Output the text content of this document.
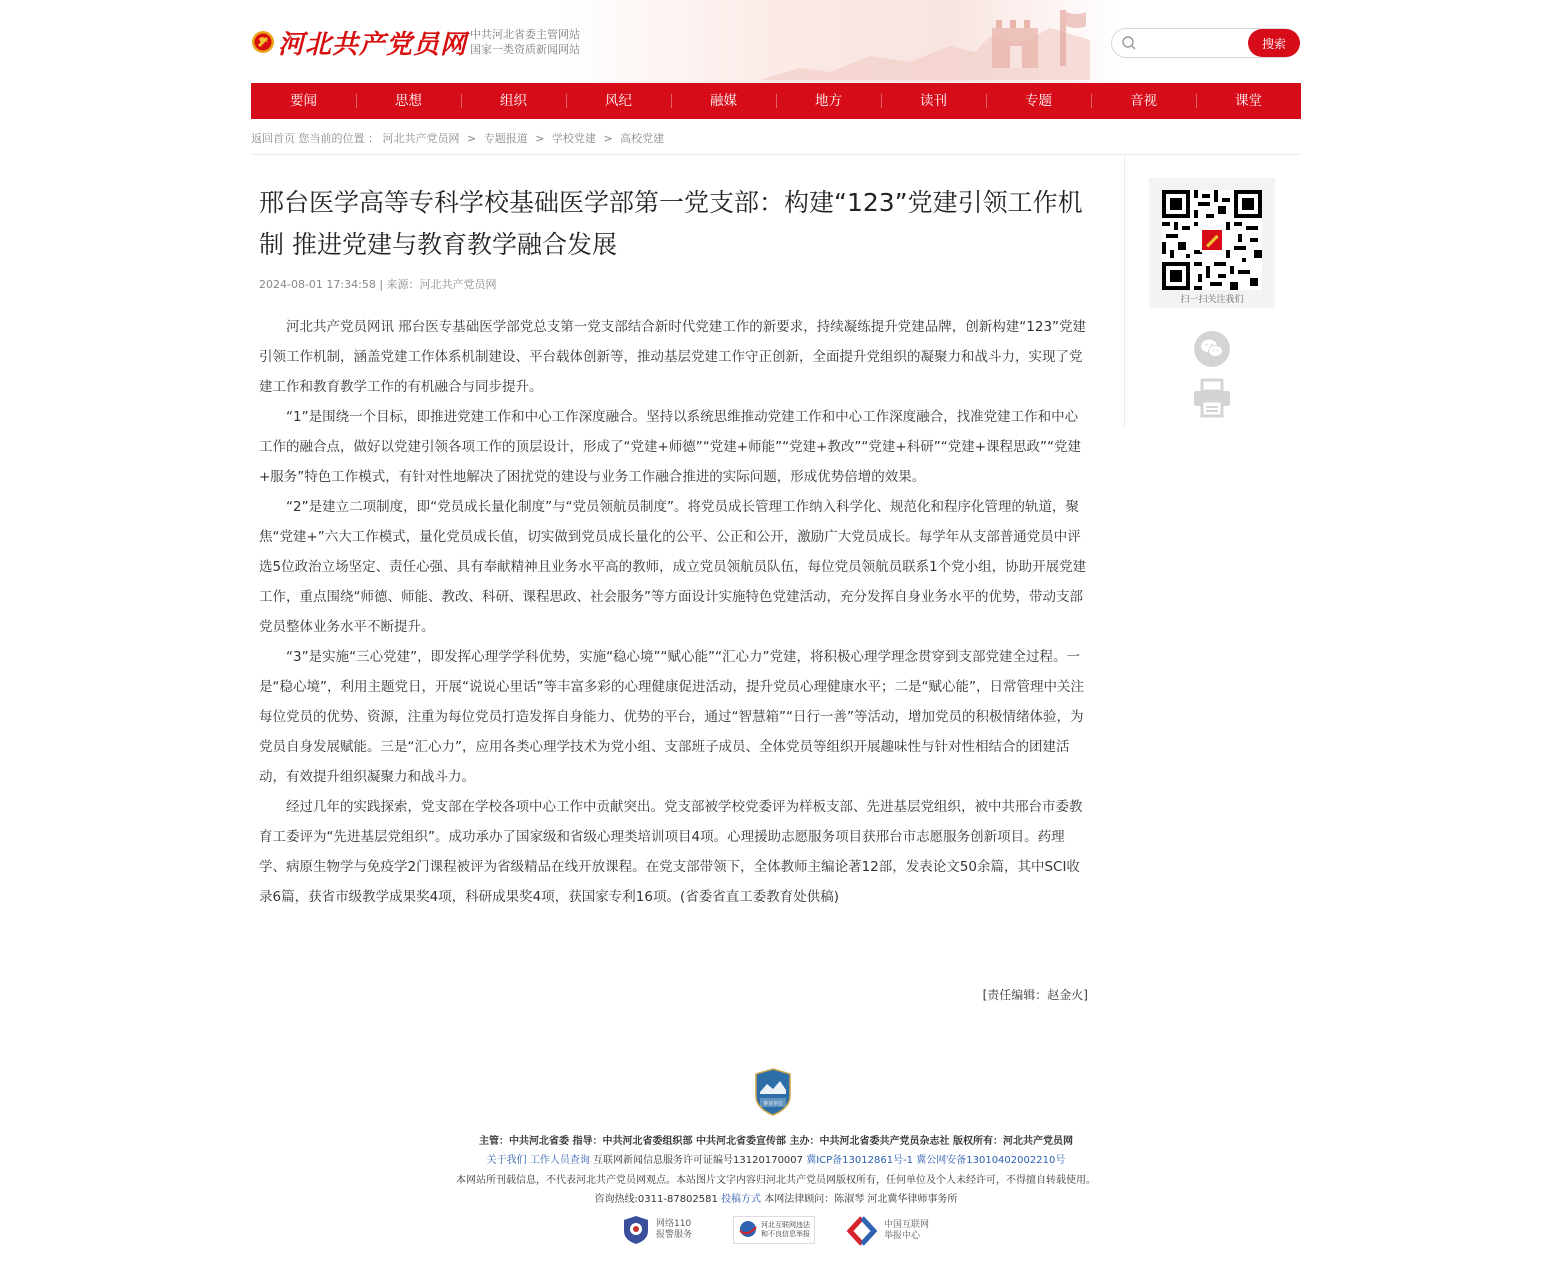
河北共产党员网 中共河北省委主管网站
国家一类资质新闻网站	搜索
要闻	思想	组织	风纪	融媒	地方	读刊	专题	音视	课堂
返回首页 您当前的位置 ： 河北共产党员网 > 专题报道 > 学校党建 > 高校党建
邢台医学高等专科学校基础医学部第一党支部：构建“123”党建引领工作机制 推进党建与教育教学融合发展
2024-08-01 17:34:58 | 来源：河北共产党员网

河北共产党员网讯 邢台医专基础医学部党总支第一党支部结合新时代党建工作的新要求，持续凝练提升党建品牌，创新构建“123”党建引领工作机制，涵盖党建工作体系机制建设、平台载体创新等，推动基层党建工作守正创新，全面提升党组织的凝聚力和战斗力，实现了党建工作和教育教学工作的有机融合与同步提升。

“1”是围绕一个目标，即推进党建工作和中心工作深度融合。坚持以系统思维推动党建工作和中心工作深度融合，找准党建工作和中心工作的融合点，做好以党建引领各项工作的顶层设计，形成了“党建+师德”“党建+师能”“党建+教改”“党建+科研”“党建+课程思政”“党建+服务”特色工作模式，有针对性地解决了困扰党的建设与业务工作融合推进的实际问题，形成优势倍增的效果。

“2”是建立二项制度，即“党员成长量化制度”与“党员领航员制度”。将党员成长管理工作纳入科学化、规范化和程序化管理的轨道，聚焦“党建+”六大工作模式，量化党员成长值，切实做到党员成长量化的公平、公正和公开，激励广大党员成长。每学年从支部普通党员中评选5位政治立场坚定、责任心强、具有奉献精神且业务水平高的教师，成立党员领航员队伍，每位党员领航员联系1个党小组，协助开展党建工作，重点围绕“师德、师能、教改、科研、课程思政、社会服务”等方面设计实施特色党建活动，充分发挥自身业务水平的优势，带动支部党员整体业务水平不断提升。

“3”是实施“三心党建”，即发挥心理学学科优势，实施“稳心境”“赋心能”“汇心力”党建，将积极心理学理念贯穿到支部党建全过程。一是“稳心境”，利用主题党日，开展“说说心里话”等丰富多彩的心理健康促进活动，提升党员心理健康水平；二是“赋心能”，日常管理中关注每位党员的优势、资源，注重为每位党员打造发挥自身能力、优势的平台，通过“智慧箱”“日行一善”等活动，增加党员的积极情绪体验，为党员自身发展赋能。三是“汇心力”，应用各类心理学技术为党小组、支部班子成员、全体党员等组织开展趣味性与针对性相结合的团建活动，有效提升组织凝聚力和战斗力。

经过几年的实践探索，党支部在学校各项中心工作中贡献突出。党支部被学校党委评为样板支部、先进基层党组织，被中共邢台市委教育工委评为“先进基层党组织”。成功承办了国家级和省级心理类培训项目4项。心理援助志愿服务项目获邢台市志愿服务创新项目。药理学、病原生物学与免疫学2门课程被评为省级精品在线开放课程。在党支部带领下，全体教师主编论著12部，发表论文50余篇，其中SCI收录6篇，获省市级教学成果奖4项，科研成果奖4项，获国家专利16项。(省委省直工委教育处供稿)

[责任编辑：赵金火]
扫一扫关注我们
事业单位
主管：中共河北省委 指导：中共河北省委组织部 中共河北省委宣传部 主办：中共河北省委共产党员杂志社 版权所有：河北共产党员网
关于我们 工作人员查询 互联网新闻信息服务许可证编号13120170007 冀ICP备13012861号-1 冀公网安备13010402002210号
本网站所刊载信息，不代表河北共产党员网观点。本站图片文字内容归河北共产党员网版权所有，任何单位及个人未经许可，不得擅自转载使用。
咨询热线:0311-87802581 投稿方式 本网法律顾问：陈淑琴 河北冀华律师事务所
网络110
报警服务
河北互联网违法
和不良信息举报
中国互联网
举报中心
